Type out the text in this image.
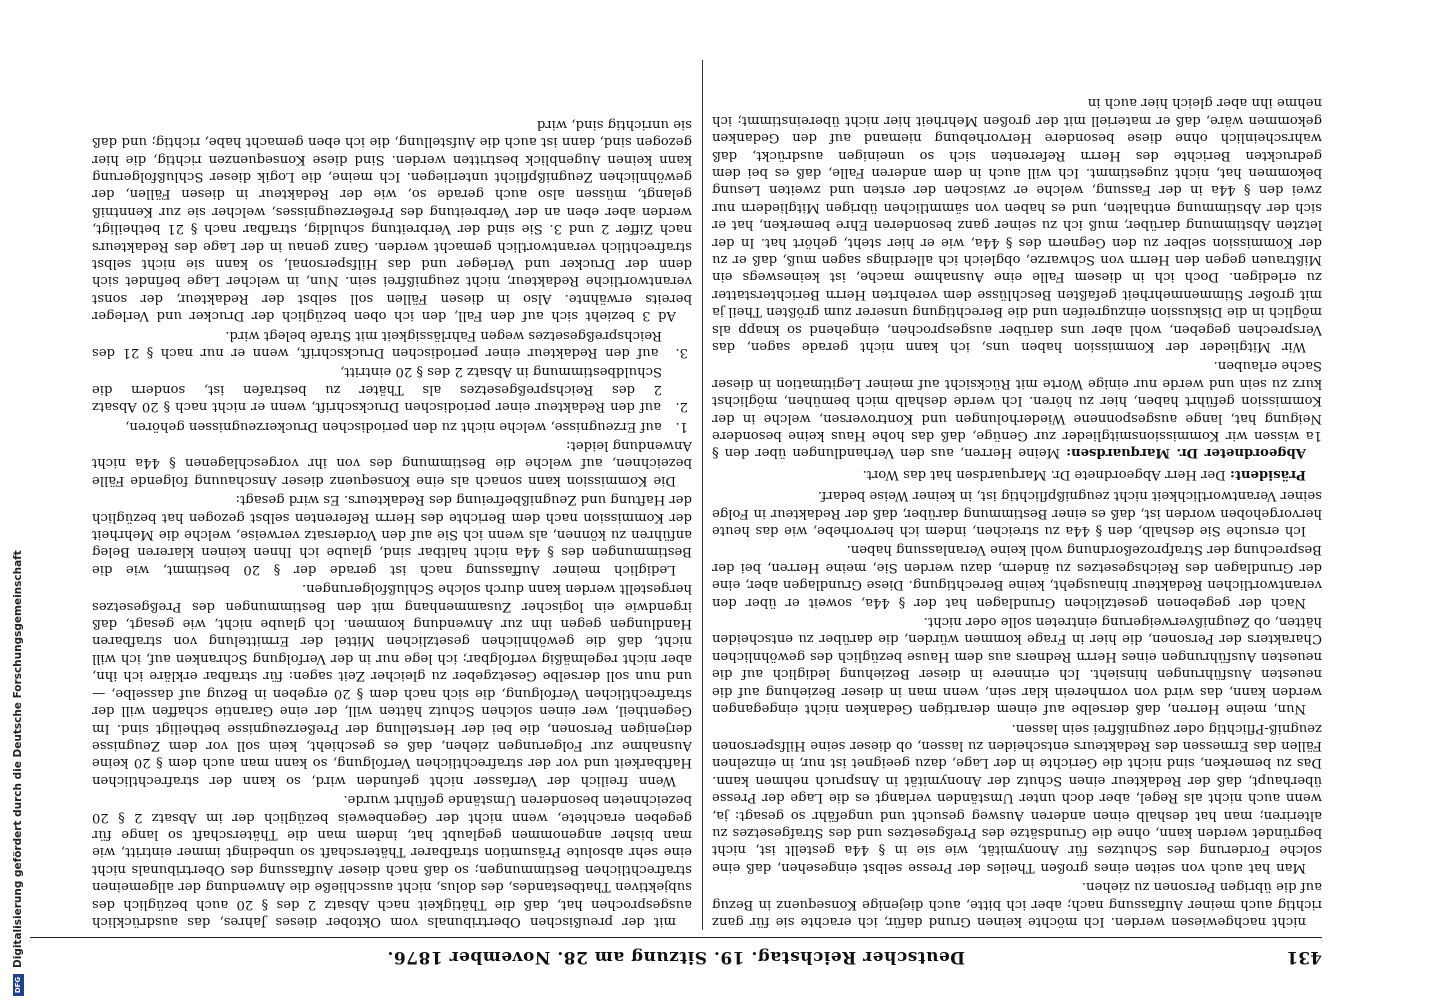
431
Deutscher Reichstag. 19. Sitzung am 28. November 1876.

nicht nachgewiesen werden. Ich möchte keinen Grund dafür, ich erachte sie für ganz richtig auch meiner Auffassung nach; aber ich bitte, auch diejenige Konsequenz in Bezug auf die übrigen Personen zu ziehen.

Man hat auch von seiten eines großen Theiles der Presse selbst eingesehen, daß eine solche Forderung des Schutzes für Anonymität, wie sie in § 44a gestellt ist, nicht begründet werden kann, ohne die Grundsätze des Preßgesetzes und des Strafgesetzes zu alteriren; man hat deshalb einen anderen Ausweg gesucht und ungefähr so gesagt: ja, wenn auch nicht als Regel, aber doch unter Umständen verlangt es die Lage der Presse überhaupt, daß der Redakteur einen Schutz der Anonymität in Anspruch nehmen kann. Das zu bemerken, sind nicht die Gerichte in der Lage, dazu geeignet ist nur, in einzelnen Fällen das Ermessen des Redakteurs entscheiden zu lassen, ob dieser seine Hilfspersonen zeugniß-Pflichtig oder zeugnißfrei sein lassen.

Nun, meine Herren, daß derselbe auf einem derartigen Gedanken nicht eingegangen werden kann, das wird von vornherein klar sein, wenn man in dieser Beziehung auf die neuesten Ausführungen hinsieht. Ich erinnere in dieser Beziehung lediglich auf die neuesten Ausführungen eines Herrn Redners aus dem Hause bezüglich des gewöhnlichen Charakters der Personen, die hier in Frage kommen würden, die darüber zu entscheiden hätten, ob Zeugnißverweigerung eintreten solle oder nicht.

Nach der gegebenen gesetzlichen Grundlagen hat der § 44a, soweit er über den verantwortlichen Redakteur hinausgeht, keine Berechtigung. Diese Grundlagen aber, eine der Grundlagen des Reichsgesetzes zu ändern, dazu werden Sie, meine Herren, bei der Besprechung der Strafprozeßordnung wohl keine Veranlassung haben.

Ich ersuche Sie deshalb, den § 44a zu streichen, indem ich hervorhebe, wie das heute hervorgehoben worden ist, daß es einer Bestimmung darüber, daß der Redakteur in Folge seiner Verantwortlichkeit nicht zeugnißpflichtig ist, in keiner Weise bedarf.

Präsident: Der Herr Abgeordnete Dr. Marquardsen hat das Wort.

Abgeordneter Dr. Marquardsen: Meine Herren, aus den Verhandlungen über den § 1a wissen wir Kommissionsmitglieder zur Genüge, daß das hohe Haus keine besondere Neigung hat, lange ausgesponnene Wiederholungen und Kontroversen, welche in der Kommission geführt haben, hier zu hören. Ich werde deshalb mich bemühen, möglichst kurz zu sein und werde nur einige Worte mit Rücksicht auf meiner Legitimation in dieser Sache erlauben.

Wir Mitglieder der Kommission haben uns, ich kann nicht gerade sagen, das Versprechen gegeben, wohl aber uns darüber ausgesprochen, eingehend so knapp als möglich in die Diskussion einzugreifen und die Berechtigung unserer zum größten Theil ja mit großer Stimmenmehrheit gefaßten Beschlüsse dem verehrten Herrn Berichterstatter zu erledigen. Doch ich in diesem Falle eine Ausnahme mache, ist keineswegs ein Mißtrauen gegen den Herrn von Schwarze, obgleich ich allerdings sagen muß, daß er zu der Kommission selber zu den Gegnern des § 44a, wie er hier steht, gehört hat. In der letzten Abstimmung darüber, muß ich zu seiner ganz besonderen Ehre bemerken, hat er sich der Abstimmung enthalten, und es haben von sämmtlichen übrigen Mitgliedern nur zwei den § 44a in der Fassung, welche er zwischen der ersten und zweiten Lesung bekommen hat, nicht zugestimmt. Ich will auch in dem anderen Falle, daß es bei dem gedruckten Berichte des Herrn Referenten sich so uneinigen ausdrückt, daß wahrscheinlich ohne diese besondere Hervorhebung niemand auf den Gedanken gekommen wäre, daß er materiell mit der großen Mehrheit hier nicht übereinstimmt; ich nehme ihn aber gleich hier auch in

mit der preußischen Obertribunals vom Oktober dieses Jahres, das ausdrücklich ausgesprochen hat, daß die Thätigkeit nach Absatz 2 des § 20 auch bezüglich des subjektiven Thatbestandes, des dolus, nicht ausschließe die Anwendung der allgemeinen strafrechtlichen Bestimmungen; so daß nach dieser Auffassung des Obertribunals nicht eine sehr absolute Präsumtion strafbarer Thäterschaft so unbedingt immer eintritt, wie man bisher angenommen geglaubt hat, indem man die Thäterschaft so lange für gegeben erachtete, wenn nicht der Gegenbeweis bezüglich der im Absatz 2 § 20 bezeichneten besonderen Umstände geführt wurde.

Wenn freilich der Verfasser nicht gefunden wird, so kann der strafrechtlichen Haftbarkeit und vor der strafrechtlichen Verfolgung, so kann man auch dem § 20 keine Ausnahme zur Folgerungen ziehen, daß es geschieht, kein soll vor dem Zeugnisse derjenigen Personen, die bei der Herstellung der Preßerzeugnisse betheiligt sind. Im Gegentheil, wer einen solchen Schutz hätten will, der eine Garantie schaffen will der strafrechtlichen Verfolgung, die sich nach dem § 20 ergeben in Bezug auf dasselbe, — und nun soll derselbe Gesetzgeber zu gleicher Zeit sagen: für strafbar erkläre ich ihn, aber nicht regelmäßig verfolgbar; ich lege nur in der Verfolgung Schranken auf, ich will nicht, daß die gewöhnlichen gesetzlichen Mittel der Ermittelung von strafbaren Handlungen gegen ihn zur Anwendung kommen. Ich glaube nicht, wie gesagt, daß irgendwie ein logischer Zusammenhang mit den Bestimmungen des Preßgesetzes hergestellt werden kann durch solche Schlußfolgerungen.

Lediglich meiner Auffassung nach ist gerade der § 20 bestimmt, wie die Bestimmungen des § 44a nicht haltbar sind, glaube ich Ihnen keinen klareren Beleg anführen zu können, als wenn ich Sie auf den Vordersatz verweise, welche die Mehrheit der Kommission nach dem Berichte des Herrn Referenten selbst gezogen hat bezüglich der Haftung und Zeugnißbefreiung des Redakteurs. Es wird gesagt:

Die Kommission kann sonach als eine Konsequenz dieser Anschauung folgende Fälle bezeichnen, auf welche die Bestimmung des von ihr vorgeschlagenen § 44a nicht Anwendung leidet:

1. auf Erzeugnisse, welche nicht zu den periodischen Druckerzeugnissen gehören,

2. auf den Redakteur einer periodischen Druckschrift, wenn er nicht nach § 20 Absatz 2 des Reichspreßgesetzes als Thäter zu bestrafen ist, sondern die Schuldbestimmung in Absatz 2 des § 20 eintritt,

3. auf den Redakteur einer periodischen Druckschrift, wenn er nur nach § 21 des Reichspreßgesetzes wegen Fahrlässigkeit mit Strafe belegt wird.

Ad 3 bezieht sich auf den Fall, den ich oben bezüglich der Drucker und Verleger bereits erwähnte. Also in diesen Fällen soll selbst der Redakteur, der sonst verantwortliche Redakteur, nicht zeugnißfrei sein. Nun, in welcher Lage befindet sich denn der Drucker und Verleger und das Hilfspersonal, so kann sie nicht selbst strafrechtlich verantwortlich gemacht werden. Ganz genau in der Lage des Redakteurs nach Ziffer 2 und 3. Sie sind der Verbreitung schuldig, strafbar nach § 21 betheiligt, werden aber eben an der Verbreitung des Preßerzeugnisses, welcher sie zur Kenntniß gelangt, müssen also auch gerade so, wie der Redakteur in diesen Fällen, der gewöhnlichen Zeugnißpflicht unterliegen. Ich meine, die Logik dieser Schlußfolgerung kann keinen Augenblick bestritten werden. Sind diese Konsequenzen richtig, die hier gezogen sind, dann ist auch die Aufstellung, die ich eben gemacht habe, richtig; und daß sie unrichtig sind, wird

DFG
Digitalisierung gefördert durch die Deutsche Forschungsgemeinschaft
